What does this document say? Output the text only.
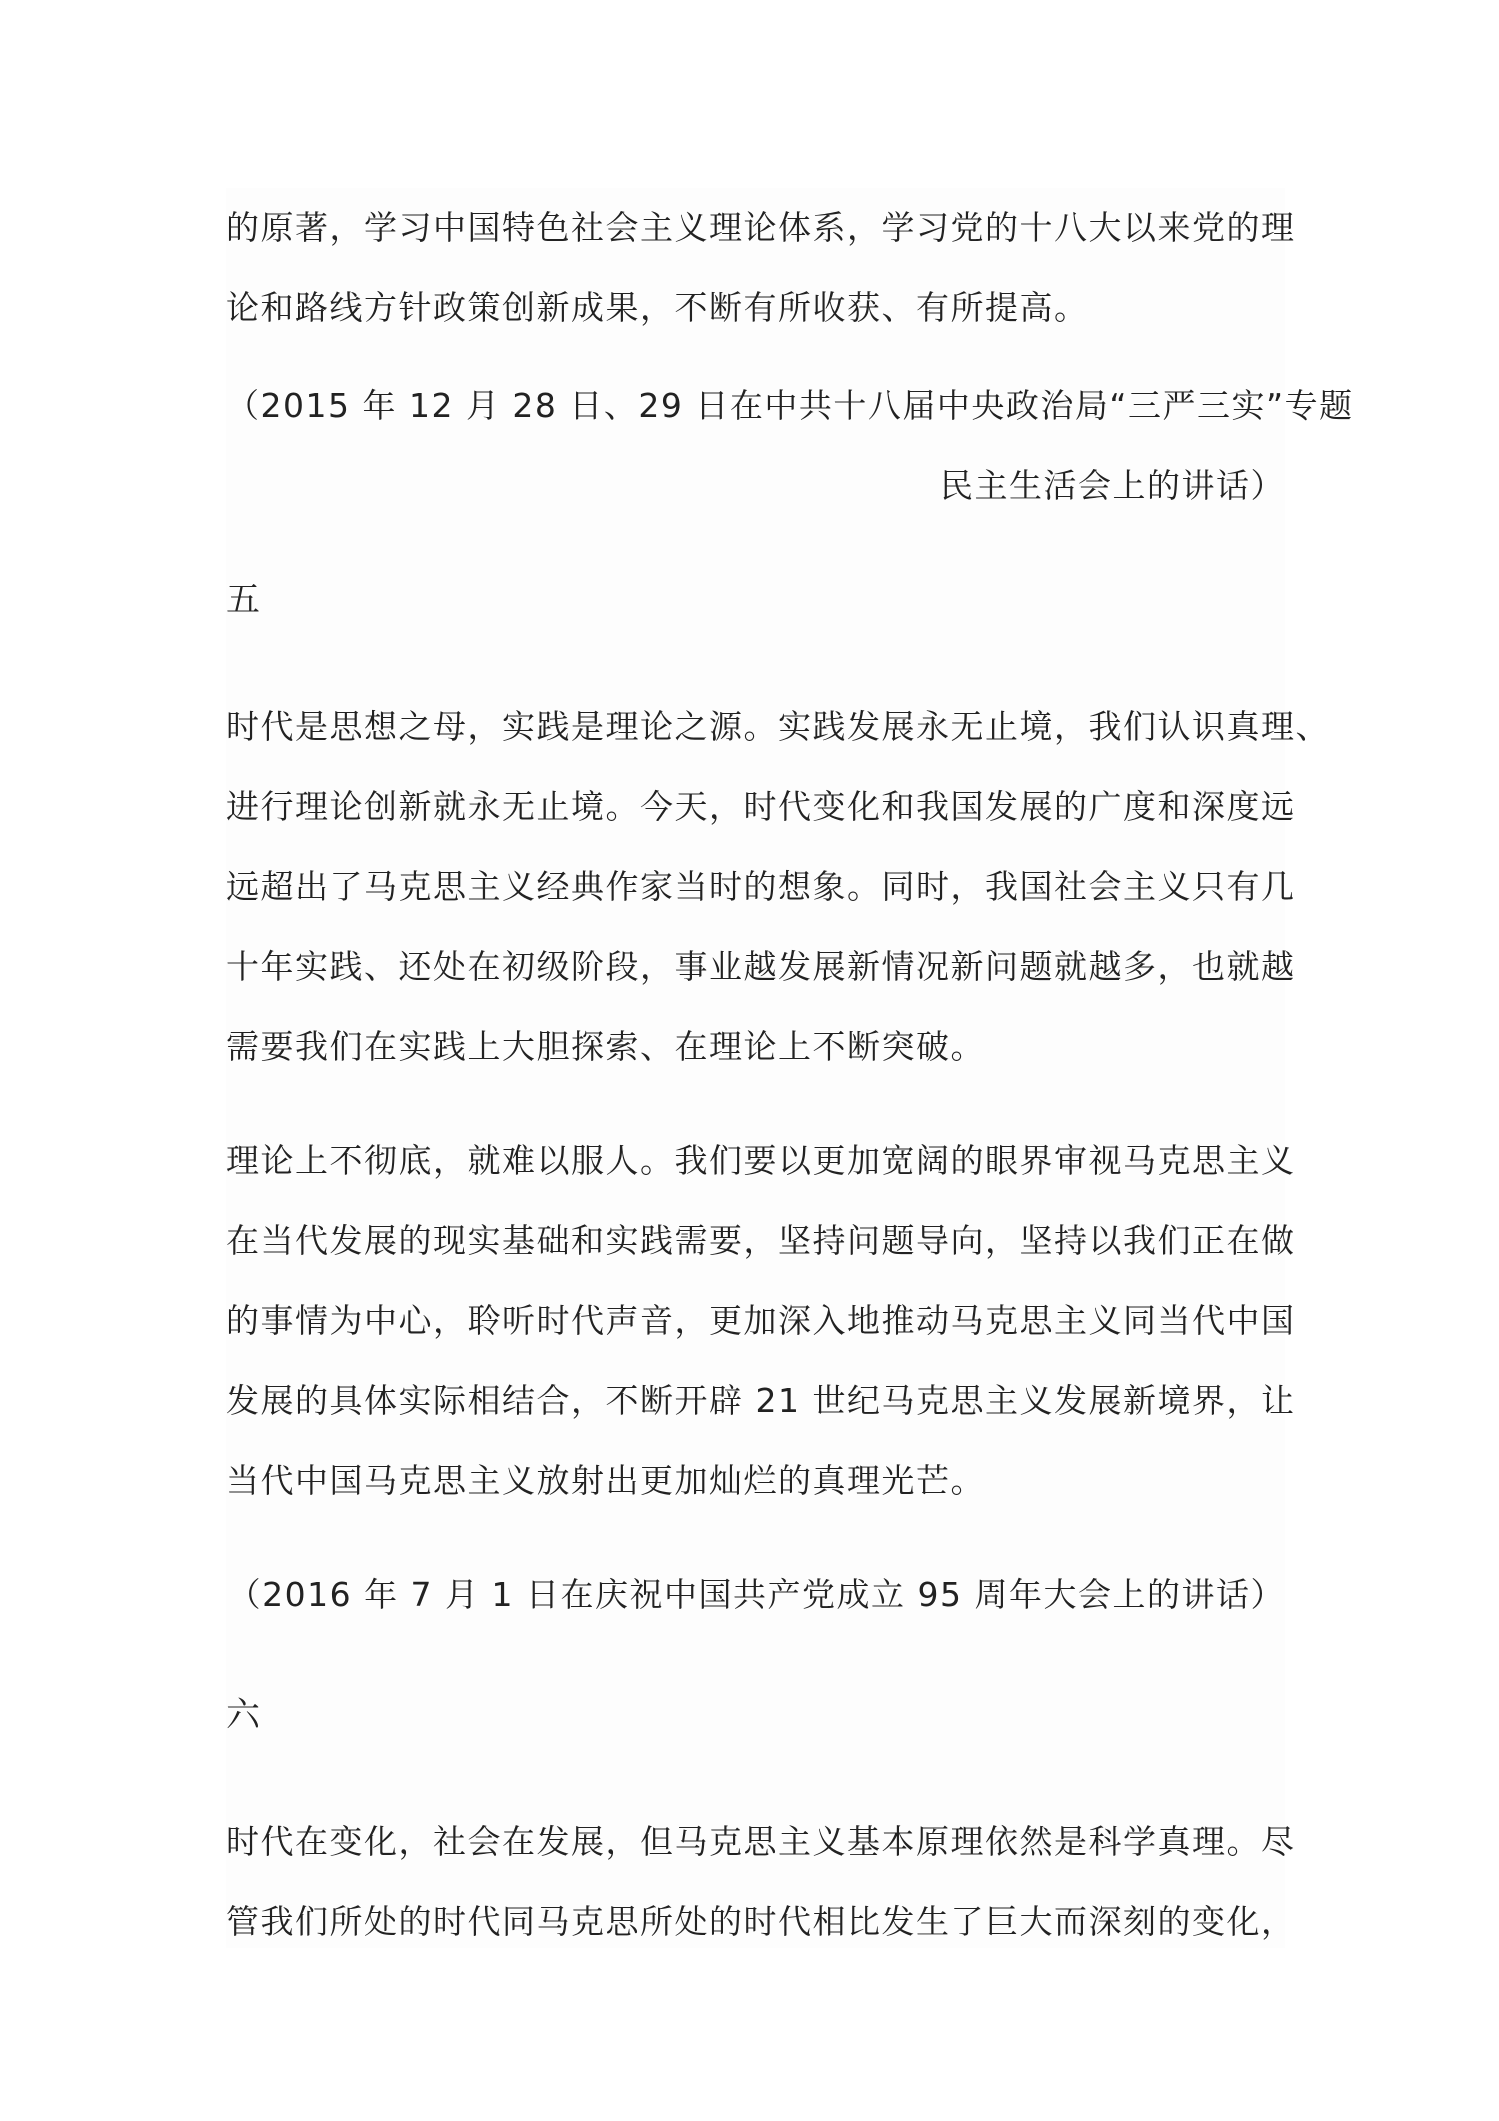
的原著，学习中国特色社会主义理论体系，学习党的十八大以来党的理
论和路线方针政策创新成果，不断有所收获、有所提高。
（2015 年 12 月 28 日、29 日在中共十八届中央政治局“三严三实”专题
民主生活会上的讲话）
五
时代是思想之母，实践是理论之源。实践发展永无止境，我们认识真理、
进行理论创新就永无止境。今天，时代变化和我国发展的广度和深度远
远超出了马克思主义经典作家当时的想象。同时，我国社会主义只有几
十年实践、还处在初级阶段，事业越发展新情况新问题就越多，也就越
需要我们在实践上大胆探索、在理论上不断突破。
理论上不彻底，就难以服人。我们要以更加宽阔的眼界审视马克思主义
在当代发展的现实基础和实践需要，坚持问题导向，坚持以我们正在做
的事情为中心，聆听时代声音，更加深入地推动马克思主义同当代中国
发展的具体实际相结合，不断开辟 21 世纪马克思主义发展新境界，让
当代中国马克思主义放射出更加灿烂的真理光芒。
（2016 年 7 月 1 日在庆祝中国共产党成立 95 周年大会上的讲话）
六
时代在变化，社会在发展，但马克思主义基本原理依然是科学真理。尽
管我们所处的时代同马克思所处的时代相比发生了巨大而深刻的变化，
